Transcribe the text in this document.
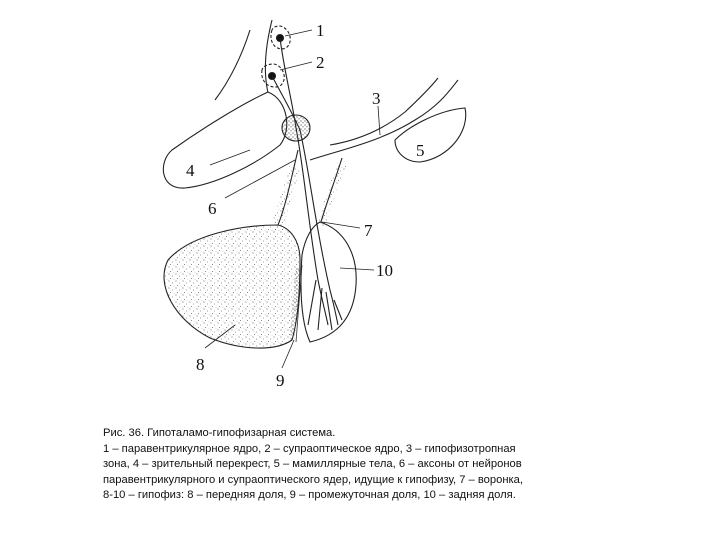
1
2
3
4
5
6
7
10
8
9
Рис. 36. Гипоталамо-гипофизарная система.
1 – паравентрикулярное ядро, 2 – супраоптическое ядро, 3 – гипофизотропная
зона, 4 – зрительный перекрест, 5 – мамиллярные тела, 6 – аксоны от нейронов
паравентрикулярного и супраоптического ядер, идущие к гипофизу, 7 – воронка,
8-10 – гипофиз: 8 – передняя доля, 9 – промежуточная доля, 10 – задняя доля.
